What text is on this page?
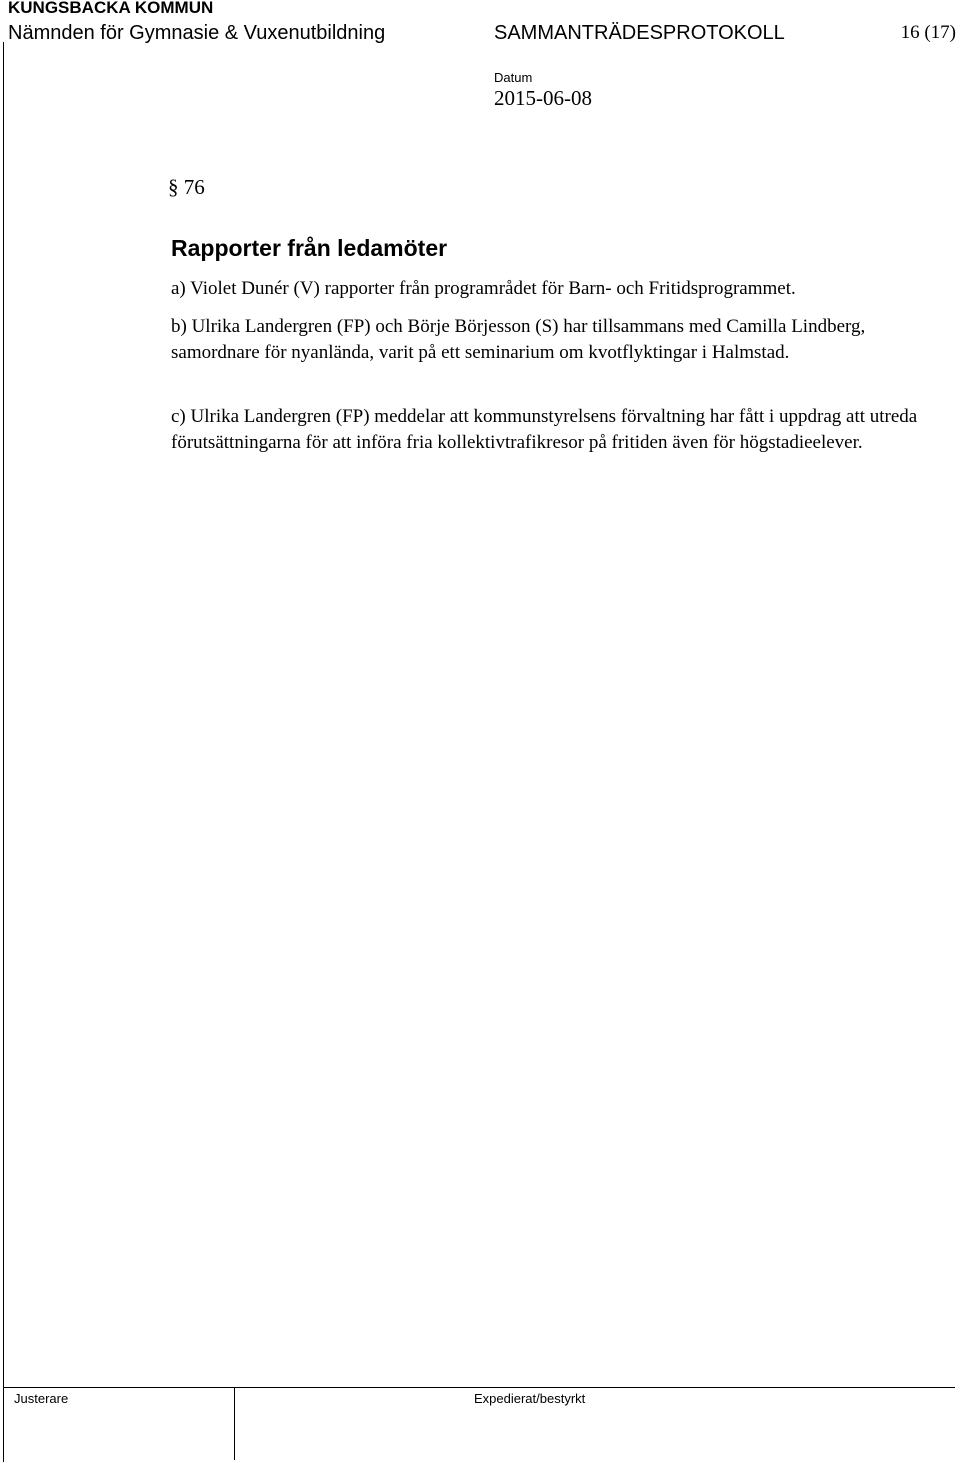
KUNGSBACKA KOMMUN
Nämnden för Gymnasie & Vuxenutbildning	SAMMANTRÄDESPROTOKOLL	16 (17)
Datum
2015-06-08
§ 76
Rapporter från ledamöter

a) Violet Dunér (V) rapporter från programrådet för Barn- och Fritidsprogrammet.

b) Ulrika Landergren (FP) och Börje Börjesson (S) har tillsammans med Camilla Lindberg, samordnare för nyanlända, varit på ett seminarium om kvotflyktingar i Halmstad.

c) Ulrika Landergren (FP) meddelar att kommunstyrelsens förvaltning har fått i uppdrag att utreda förutsättningarna för att införa fria kollektivtrafikresor på fritiden även för högstadieelever.

Justerare	Expedierat/bestyrkt
